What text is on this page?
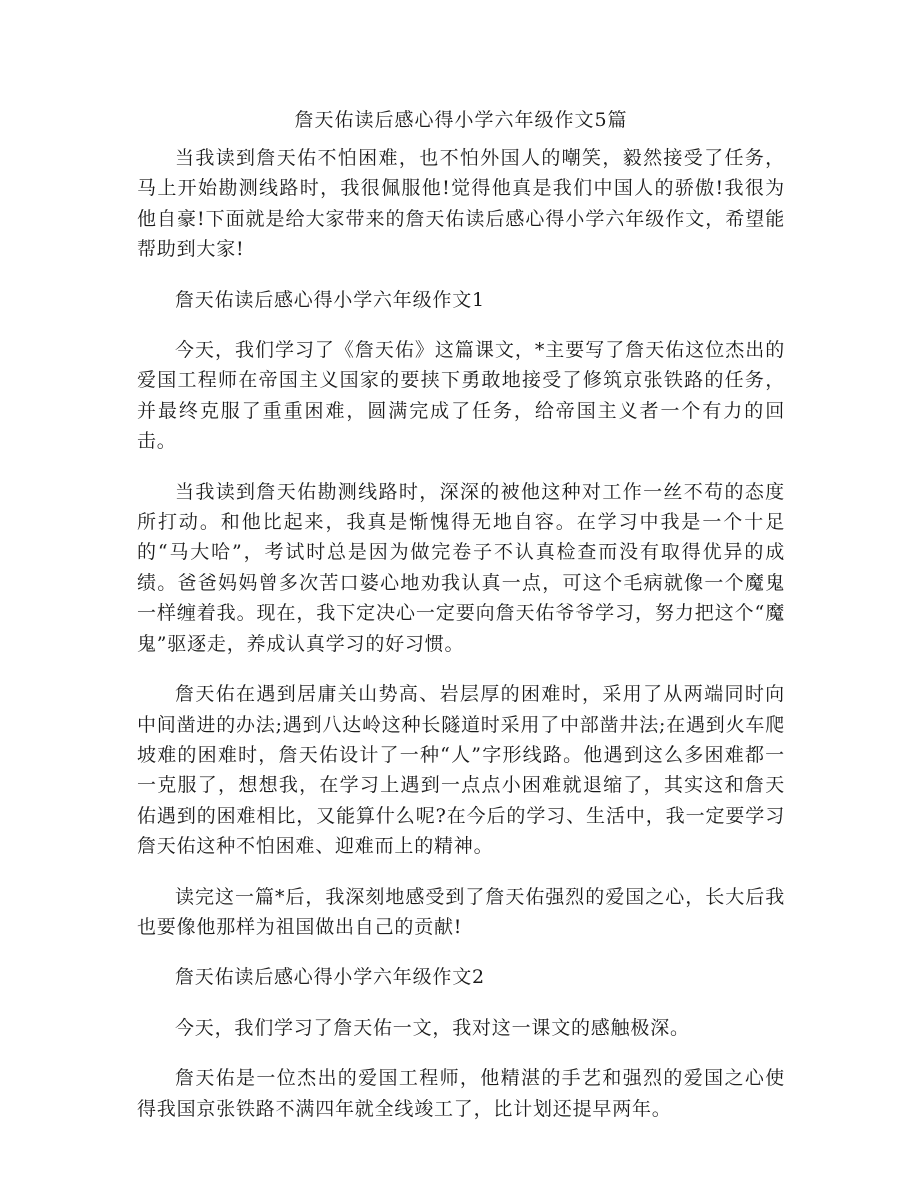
詹天佑读后感心得小学六年级作文5篇

当我读到詹天佑不怕困难，也不怕外国人的嘲笑，毅然接受了任务，马上开始勘测线路时，我很佩服他!觉得他真是我们中国人的骄傲!我很为他自豪!下面就是给大家带来的詹天佑读后感心得小学六年级作文，希望能帮助到大家!

詹天佑读后感心得小学六年级作文1

今天，我们学习了《詹天佑》这篇课文，*主要写了詹天佑这位杰出的爱国工程师在帝国主义国家的要挟下勇敢地接受了修筑京张铁路的任务，并最终克服了重重困难，圆满完成了任务，给帝国主义者一个有力的回击。

当我读到詹天佑勘测线路时，深深的被他这种对工作一丝不苟的态度所打动。和他比起来，我真是惭愧得无地自容。在学习中我是一个十足的“马大哈”，考试时总是因为做完卷子不认真检查而没有取得优异的成绩。爸爸妈妈曾多次苦口婆心地劝我认真一点，可这个毛病就像一个魔鬼一样缠着我。现在，我下定决心一定要向詹天佑爷爷学习，努力把这个“魔鬼”驱逐走，养成认真学习的好习惯。

詹天佑在遇到居庸关山势高、岩层厚的困难时，采用了从两端同时向中间凿进的办法;遇到八达岭这种长隧道时采用了中部凿井法;在遇到火车爬坡难的困难时，詹天佑设计了一种“人”字形线路。他遇到这么多困难都一一克服了，想想我，在学习上遇到一点点小困难就退缩了，其实这和詹天佑遇到的困难相比，又能算什么呢?在今后的学习、生活中，我一定要学习詹天佑这种不怕困难、迎难而上的精神。

读完这一篇*后，我深刻地感受到了詹天佑强烈的爱国之心，长大后我也要像他那样为祖国做出自己的贡献!

詹天佑读后感心得小学六年级作文2

今天，我们学习了詹天佑一文，我对这一课文的感触极深。

詹天佑是一位杰出的爱国工程师，他精湛的手艺和强烈的爱国之心使得我国京张铁路不满四年就全线竣工了，比计划还提早两年。
